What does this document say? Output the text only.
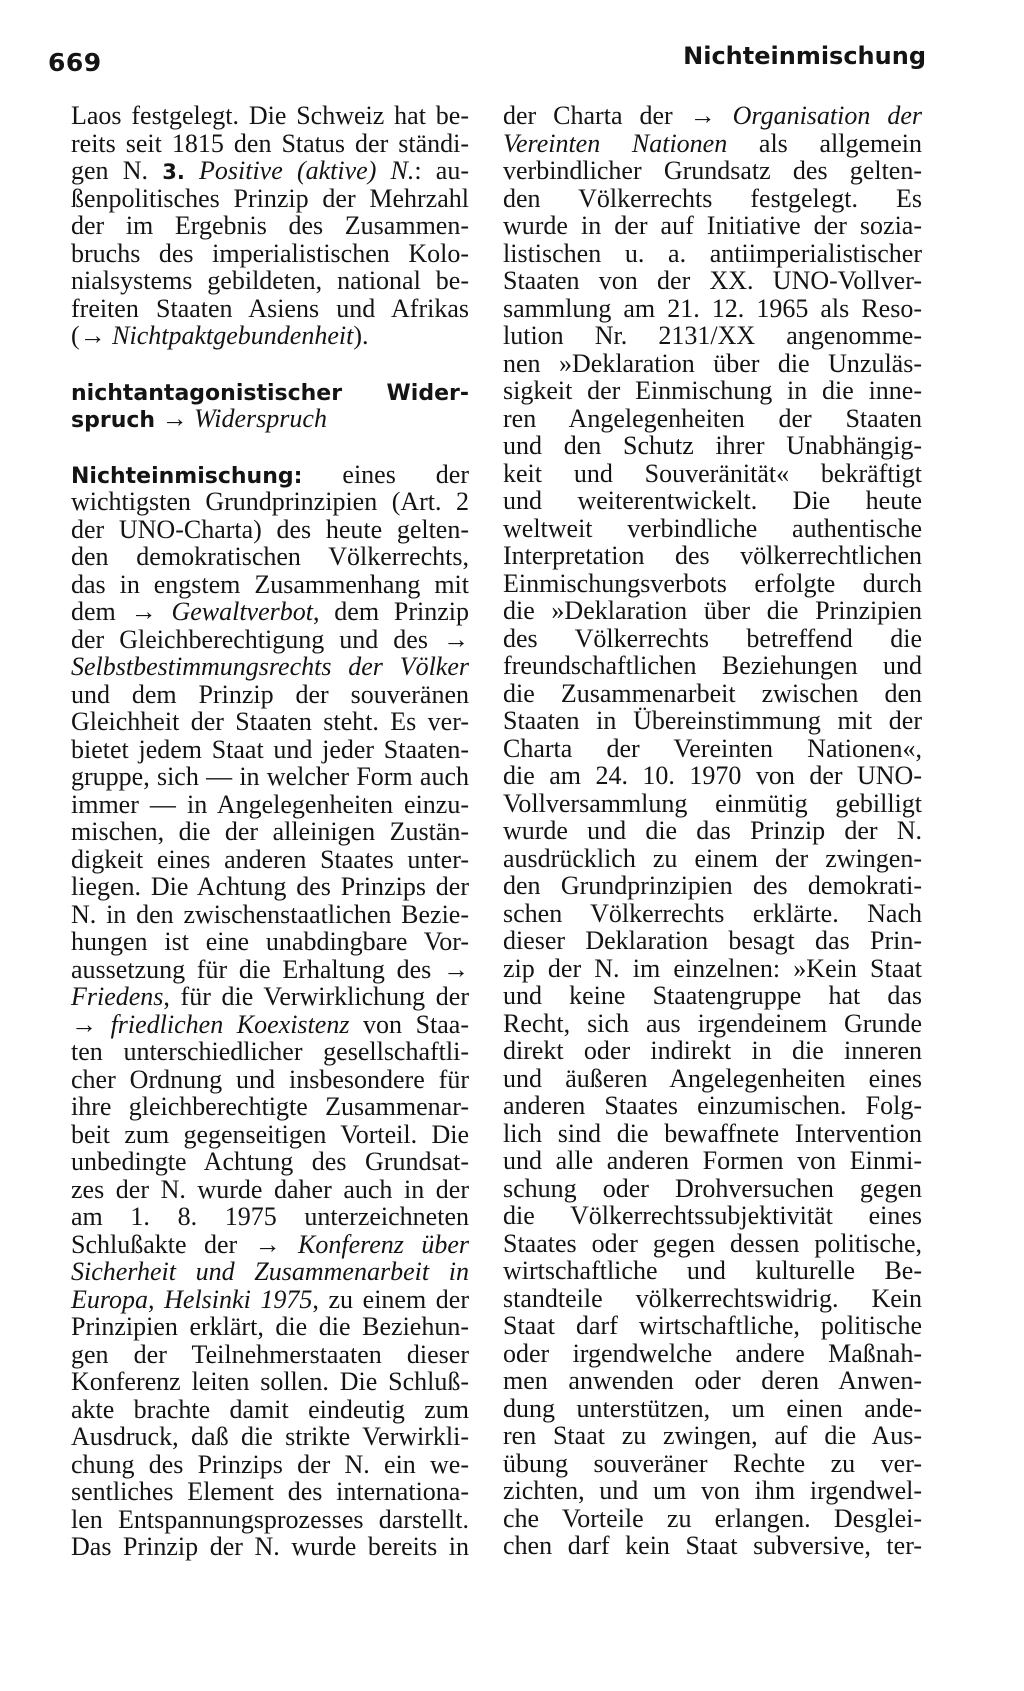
669	Nichteinmischung
Laos festgelegt. Die Schweiz hat be-
reits seit 1815 den Status der ständi-
gen N. 3. Positive (aktive) N.: au-
ßenpolitisches Prinzip der Mehrzahl
der im Ergebnis des Zusammen-
bruchs des imperialistischen Kolo-
nialsystems gebildeten, national be-
freiten Staaten Asiens und Afrikas
(→ Nichtpaktgebundenheit).
nichtantagonistischer Wider-
spruch → Widerspruch
Nichteinmischung: eines der
wichtigsten Grundprinzipien (Art. 2
der UNO-Charta) des heute gelten-
den demokratischen Völkerrechts,
das in engstem Zusammenhang mit
dem → Gewaltverbot, dem Prinzip
der Gleichberechtigung und des →
Selbstbestimmungsrechts der Völker
und dem Prinzip der souveränen
Gleichheit der Staaten steht. Es ver-
bietet jedem Staat und jeder Staaten-
gruppe, sich — in welcher Form auch
immer — in Angelegenheiten einzu-
mischen, die der alleinigen Zustän-
digkeit eines anderen Staates unter-
liegen. Die Achtung des Prinzips der
N. in den zwischenstaatlichen Bezie-
hungen ist eine unabdingbare Vor-
aussetzung für die Erhaltung des →
Friedens, für die Verwirklichung der
→ friedlichen Koexistenz von Staa-
ten unterschiedlicher gesellschaftli-
cher Ordnung und insbesondere für
ihre gleichberechtigte Zusammenar-
beit zum gegenseitigen Vorteil. Die
unbedingte Achtung des Grundsat-
zes der N. wurde daher auch in der
am 1. 8. 1975 unterzeichneten
Schlußakte der → Konferenz über
Sicherheit und Zusammenarbeit in
Europa, Helsinki 1975, zu einem der
Prinzipien erklärt, die die Beziehun-
gen der Teilnehmerstaaten dieser
Konferenz leiten sollen. Die Schluß-
akte brachte damit eindeutig zum
Ausdruck, daß die strikte Verwirkli-
chung des Prinzips der N. ein we-
sentliches Element des internationa-
len Entspannungsprozesses darstellt.
Das Prinzip der N. wurde bereits in
der Charta der → Organisation der
Vereinten Nationen als allgemein
verbindlicher Grundsatz des gelten-
den Völkerrechts festgelegt. Es
wurde in der auf Initiative der sozia-
listischen u. a. antiimperialistischer
Staaten von der XX. UNO-Vollver-
sammlung am 21. 12. 1965 als Reso-
lution Nr. 2131/XX angenomme-
nen »Deklaration über die Unzuläs-
sigkeit der Einmischung in die inne-
ren Angelegenheiten der Staaten
und den Schutz ihrer Unabhängig-
keit und Souveränität« bekräftigt
und weiterentwickelt. Die heute
weltweit verbindliche authentische
Interpretation des völkerrechtlichen
Einmischungsverbots erfolgte durch
die »Deklaration über die Prinzipien
des Völkerrechts betreffend die
freundschaftlichen Beziehungen und
die Zusammenarbeit zwischen den
Staaten in Übereinstimmung mit der
Charta der Vereinten Nationen«,
die am 24. 10. 1970 von der UNO-
Vollversammlung einmütig gebilligt
wurde und die das Prinzip der N.
ausdrücklich zu einem der zwingen-
den Grundprinzipien des demokrati-
schen Völkerrechts erklärte. Nach
dieser Deklaration besagt das Prin-
zip der N. im einzelnen: »Kein Staat
und keine Staatengruppe hat das
Recht, sich aus irgendeinem Grunde
direkt oder indirekt in die inneren
und äußeren Angelegenheiten eines
anderen Staates einzumischen. Folg-
lich sind die bewaffnete Intervention
und alle anderen Formen von Einmi-
schung oder Drohversuchen gegen
die Völkerrechtssubjektivität eines
Staates oder gegen dessen politische,
wirtschaftliche und kulturelle Be-
standteile völkerrechtswidrig. Kein
Staat darf wirtschaftliche, politische
oder irgendwelche andere Maßnah-
men anwenden oder deren Anwen-
dung unterstützen, um einen ande-
ren Staat zu zwingen, auf die Aus-
übung souveräner Rechte zu ver-
zichten, und um von ihm irgendwel-
che Vorteile zu erlangen. Desglei-
chen darf kein Staat subversive, ter-
